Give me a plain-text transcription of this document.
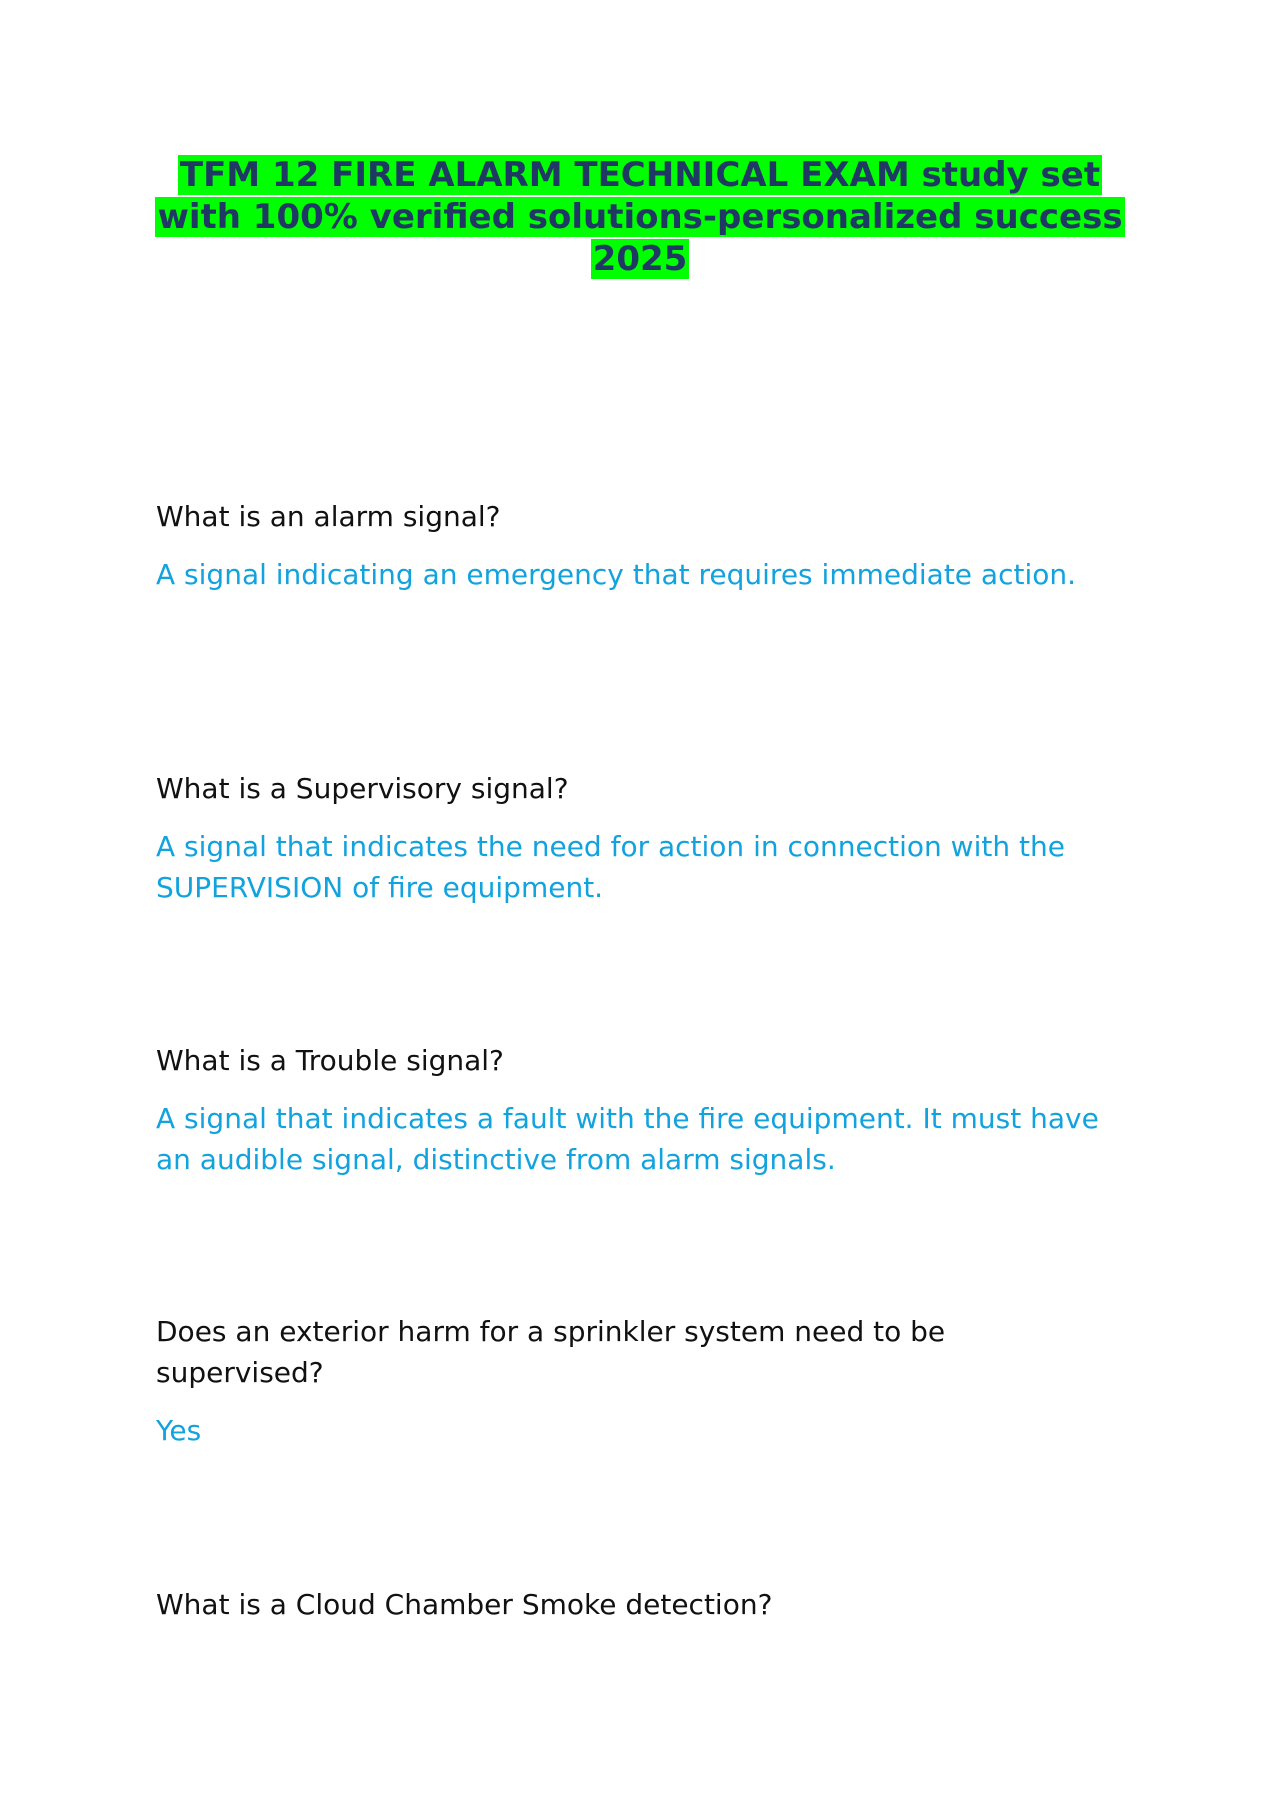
TFM 12 FIRE ALARM TECHNICAL EXAM study set with 100% verified solutions-personalized success 2025

What is an alarm signal?

A signal indicating an emergency that requires immediate action.

What is a Supervisory signal?

A signal that indicates the need for action in connection with the SUPERVISION of fire equipment.

What is a Trouble signal?

A signal that indicates a fault with the fire equipment. It must have an audible signal, distinctive from alarm signals.

Does an exterior harm for a sprinkler system need to be supervised?

Yes

What is a Cloud Chamber Smoke detection?
